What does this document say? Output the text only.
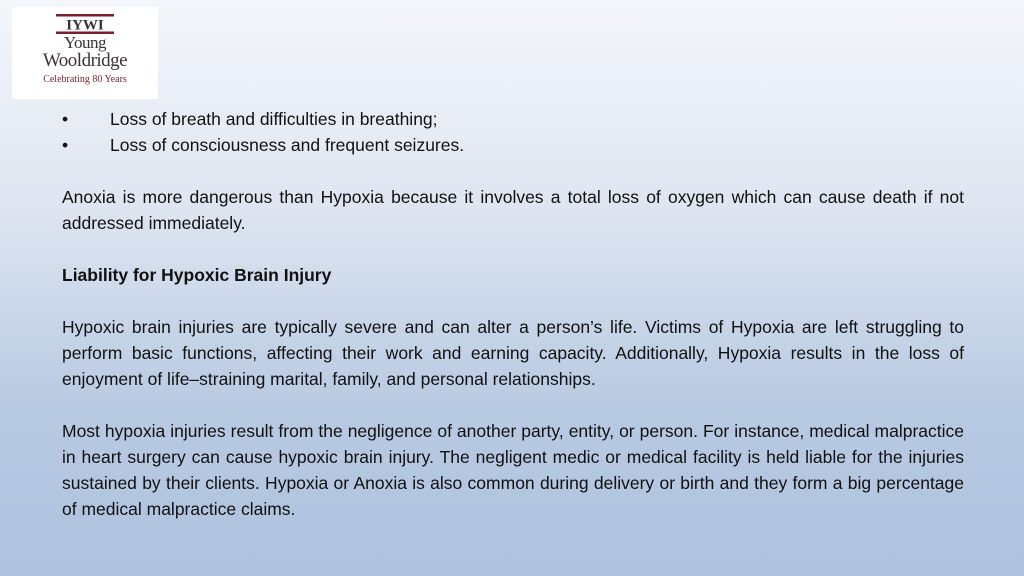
IYWI
Young
Wooldridge
Celebrating 80 Years
• Loss of breath and difficulties in breathing;
• Loss of consciousness and frequent seizures.

Anoxia is more dangerous than Hypoxia because it involves a total loss of oxygen which can cause death if not addressed immediately.

Liability for Hypoxic Brain Injury

Hypoxic brain injuries are typically severe and can alter a person’s life. Victims of Hypoxia are left struggling to perform basic functions, affecting their work and earning capacity. Additionally, Hypoxia results in the loss of enjoyment of life–straining marital, family, and personal relationships.

Most hypoxia injuries result from the negligence of another party, entity, or person. For instance, medical malpractice in heart surgery can cause hypoxic brain injury. The negligent medic or medical facility is held liable for the injuries sustained by their clients. Hypoxia or Anoxia is also common during delivery or birth and they form a big percentage of medical malpractice claims.
